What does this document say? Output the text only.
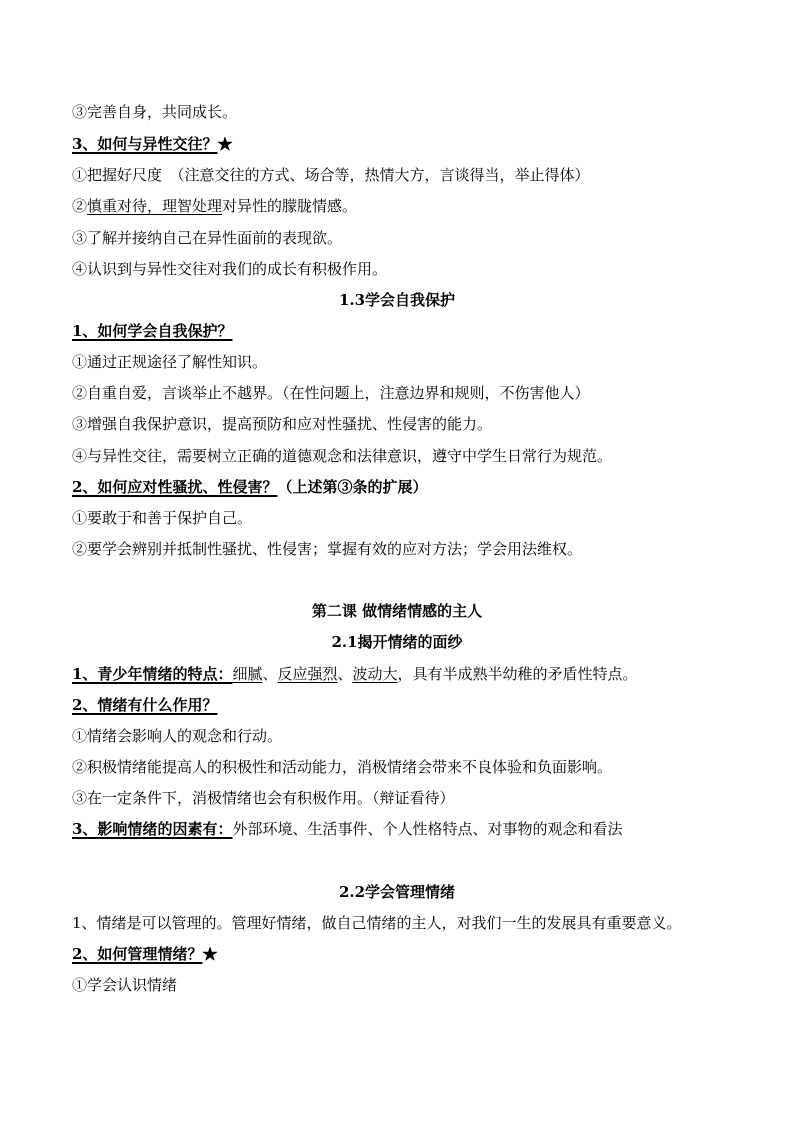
③完善自身，共同成长。
3、如何与异性交往？★
①把握好尺度　（注意交往的方式、场合等，热情大方，言谈得当，举止得体）
②慎重对待，理智处理对异性的朦胧情感。
③了解并接纳自己在异性面前的表现欲。
④认识到与异性交往对我们的成长有积极作用。
1.3学会自我保护
1、如何学会自我保护？
①通过正规途径了解性知识。
②自重自爱，言谈举止不越界。（在性问题上，注意边界和规则，不伤害他人）
③增强自我保护意识，提高预防和应对性骚扰、性侵害的能力。
④与异性交往，需要树立正确的道德观念和法律意识，遵守中学生日常行为规范。
2、如何应对性骚扰、性侵害？（上述第③条的扩展）
①要敢于和善于保护自己。
②要学会辨别并抵制性骚扰、性侵害；掌握有效的应对方法；学会用法维权。
第二课 做情绪情感的主人
2.1揭开情绪的面纱
1、青少年情绪的特点：细腻、反应强烈、波动大，具有半成熟半幼稚的矛盾性特点。
2、情绪有什么作用？
①情绪会影响人的观念和行动。
②积极情绪能提高人的积极性和活动能力，消极情绪会带来不良体验和负面影响。
③在一定条件下，消极情绪也会有积极作用。（辩证看待）
3、影响情绪的因素有：外部环境、生活事件、个人性格特点、对事物的观念和看法
2.2学会管理情绪
1、情绪是可以管理的。管理好情绪，做自己情绪的主人，对我们一生的发展具有重要意义。
2、如何管理情绪？★
①学会认识情绪
